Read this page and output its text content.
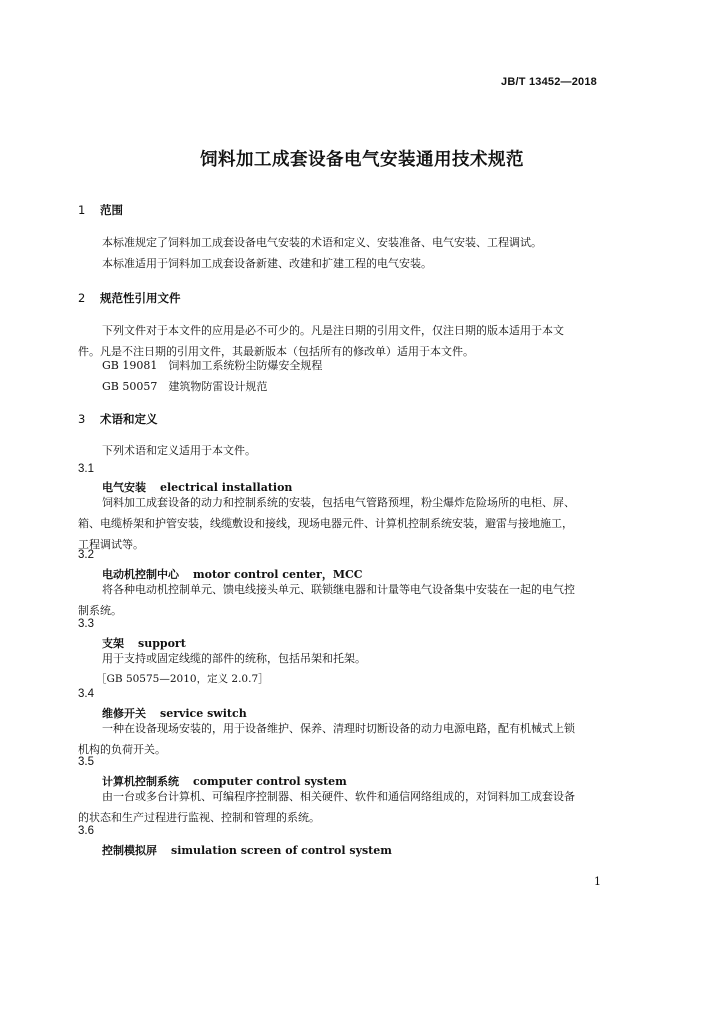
JB/T 13452—2018
饲料加工成套设备电气安装通用技术规范
1 范围
本标准规定了饲料加工成套设备电气安装的术语和定义、安装准备、电气安装、工程调试。
本标准适用于饲料加工成套设备新建、改建和扩建工程的电气安装。
2 规范性引用文件
下列文件对于本文件的应用是必不可少的。凡是注日期的引用文件，仅注日期的版本适用于本文
件。凡是不注日期的引用文件，其最新版本（包括所有的修改单）适用于本文件。
GB 19081　饲料加工系统粉尘防爆安全规程
GB 50057　建筑物防雷设计规范
3 术语和定义
下列术语和定义适用于本文件。
3.1
电气安装 electrical installation
饲料加工成套设备的动力和控制系统的安装，包括电气管路预埋，粉尘爆炸危险场所的电柜、屏、
箱、电缆桥架和护管安装，线缆敷设和接线，现场电器元件、计算机控制系统安装，避雷与接地施工，
工程调试等。
3.2
电动机控制中心 motor control center，MCC
将各种电动机控制单元、馈电线接头单元、联锁继电器和计量等电气设备集中安装在一起的电气控
制系统。
3.3
支架 support
用于支持或固定线缆的部件的统称，包括吊架和托架。
［GB 50575—2010，定义 2.0.7］
3.4
维修开关 service switch
一种在设备现场安装的，用于设备维护、保养、清理时切断设备的动力电源电路，配有机械式上锁
机构的负荷开关。
3.5
计算机控制系统 computer control system
由一台或多台计算机、可编程序控制器、相关硬件、软件和通信网络组成的，对饲料加工成套设备
的状态和生产过程进行监视、控制和管理的系统。
3.6
控制模拟屏 simulation screen of control system
1
